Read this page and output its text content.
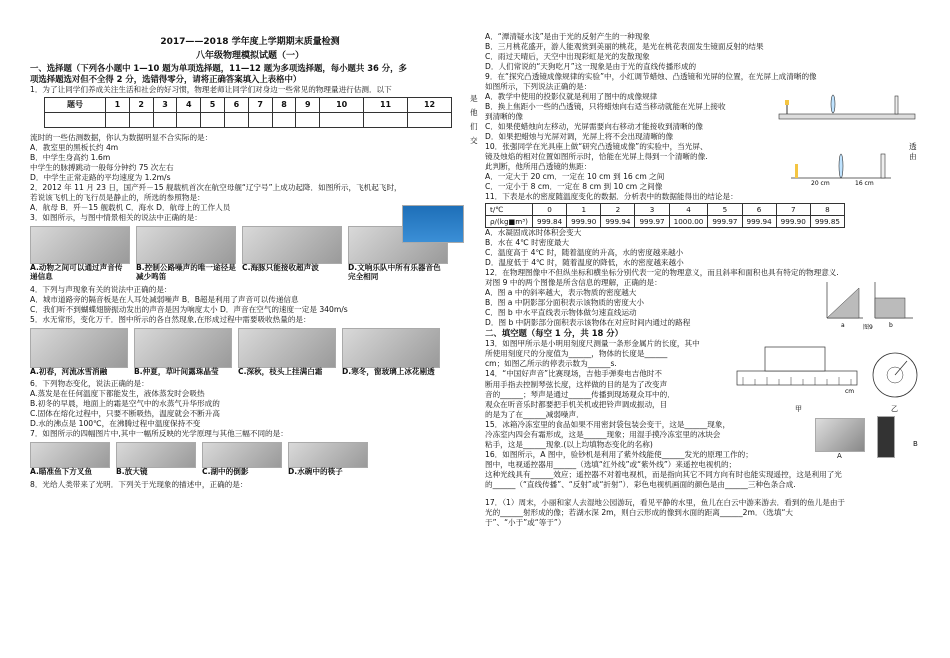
2017——2018 学年度上学期期末质量检测
八年级物理模拟试题（一）
一、选择题（下列各小题中 1—10 题为单项选择题，11—12 题为多项选择题，每小题共 36 分，多
项选择题选对但不全得 2 分，选错得零分，请将正确答案填入上表格中）
1．为了让同学们养成关注生活和社会的好习惯，物理老师让同学们对身边一些常见的物理量进行估测．以下
题号	1	2	3	4	5	6	7	8	9	10	11	12

流时的一些估测数据，你认为数据明显不合实际的是：
A．教室里的黑板长约 4m
B．中学生身高约 1.6m
中学生的脉搏跳动一般每分钟约 75 次左右
D．中学生正常走路的平均速度为 1.2m/s
2．2012 年 11 月 23 日，国产歼－15 舰载机首次在航空母舰“辽宁号”上成功起降．如图所示，飞机起飞时，
若说该飞机上的飞行员是静止的，所选的参照物是：
A．航母 B．歼－15 舰载机 C．海水 D．航母上的工作人员
3．如图所示，与图中情景相关的说法中正确的是：
A.动物之间可以通过声音传递信息
B.控制公路噪声的唯一途径是减少鸣笛
C.海豚只能接收超声波	D.文响乐队中所有乐器音色完全相同
4．下列与声现象有关的说法中正确的是：
A．城市道路旁的隔音板是在人耳处减弱噪声 B．B超是利用了声音可以传递信息
C．我们听不到蝴蝶翅膀振动发出的声音是因为响度太小 D．声音在空气的速度一定是 340m/s
5．水无常形，变化万千．图中所示的各自然现象,在形成过程中需要吸收热量的是：
A.初春，河流冰雪消融	B.仲夏，草叶间露珠晶莹	C.深秋，枝头上挂满白霜	D.寒冬，窗玻璃上冰花剔透
6．下列物态变化，说法正确的是：
A.蒸发是在任何温度下都能发生，液体蒸发时会吸热
B.初冬的早晨，地面上的霜是空气中的水蒸气升华形成的
C.固体在熔化过程中，只要不断吸热，温度就会不断升高
D.水的沸点是 100℃，在沸腾过程中温度保持不变
7．如图所示的四幅图片中,其中一幅所反映的光学原理与其他三幅不同的是：
A.瞄准鱼下方叉鱼	B.放大镜	C.湖中的倒影	D.水碗中的筷子
8．光给人类带来了光明．下列关于光现象的描述中，正确的是：
是
他
们
交
A．“潭清疑水浅”是由于光的反射产生的一种现象
B．三月桃花盛开，游人能观赏到美丽的桃花，是光在桃花表面发生镜面反射的结果
C．雨过天晴后，天空中出现彩虹是光的发散现象
D．人们常说的“天狗吃月”这一现象是由于光的直线传播形成的
9．在“探究凸透镜成像规律的实验”中，小红调节蜡烛、凸透镜和光屏的位置，在光屏上成清晰的像
如图所示，下列说法正确的是：
A．教学中使用的投影仪就是利用了图中的成像规律
B．换上焦距小一些的凸透镜，只将蜡烛向右适当移动就能在光屏上接收
到清晰的像
C．如果使蜡烛向左移动，光屏需要向右移动才能接收到清晰的像
D．如果把蜡烛与光屏对调，光屏上将不会出现清晰的像
10．张强同学在光具座上做“研究凸透镜成像”的实验中，当光屏、
镜及烛焰的相对位置如图所示时，恰能在光屏上得到一个清晰的像.
此判断，他所用凸透镜的焦距：
A．一定大于 20 cm．一定在 10 cm 到 16 cm 之间
C．一定小于 8 cm．一定在 8 cm 到 10 cm 之间像
11．下表是水的密度随温度变化的数据．分析表中的数据能得出的结论是：
透由
20 cm	16 cm
t/℃	0	1	2	3	4	5	6	7	8
ρ/(kg■m³)	999.84	999.90	999.94	999.97	1000.00	999.97	999.94	999.90	999.85
A．水凝固成冰时体积会变大
B．水在 4℃ 时密度最大
C．温度高于 4℃ 时，随着温度的升高，水的密度越来越小
D．温度低于 4℃ 时，随着温度的降低，水的密度越来越小
12．在物理图像中不但纵坐标和横坐标分别代表一定的物理意义，而且斜率和面积也具有特定的物理意义.
对图 9 中的两个图像是所含信息的理解，正确的是：
A．图 a 中的斜率越大，表示物质的密度越大
B．图 a 中阴影部分面积表示该物质的密度大小
C．图 b 中水平直线表示物体做匀速直线运动
D．图 b 中阴影部分面积表示该物体在对应时间内通过的路程	a	b
图9
二、填空题（每空 1 分，共 18 分）
13．如图甲所示是小明用刻度尺测量一条形金属片的长度，其中
所使用刻度尺的分度值为______，物体的长度是______
cm；如图乙所示的停表示数为______s.
14．“中国好声音”比赛现场，吉他手弹奏电吉他时不
断用手指去控制琴弦长度，这样做的目的是为了改变声
音的______；琴声是通过______传播到现场观众耳中的．
观众在听音乐时都要把手机关机或把铃声调成振动，目
的是为了在______减弱噪声．
cm
甲	乙
15．冰箱冷冻室里的食品如果不用密封袋包装会变干，这是______现象，
冷冻室内四会有霜形成，这是______现象；用湿手摸冷冻室里的冰块会
粘手，这是______现象.(以上均填物态变化的名称)
16．如图所示，A 图中，验钞机是利用了紫外线能使______发光的原理工作的；
图中，电视遥控器用______（选填“红外线”或“紫外线”）来遥控电视机的；
这种光线具有______效应；遥控器不对着电视机，而是指向其它不同方向有时也能实现遥控，这是利用了光
的______（“直线传播”、“反射”或“折射”）．彩色电视机画面的颜色是由______三种色条合成.
A
B
17．（1）周末，小丽和家人去湿地公园游玩，看见平静的水里，鱼儿在白云中游来游去．看到的鱼儿是由于
光的______射形成的像；若湖水深 2m，则白云形成的像到水面的距离______2m．（选填“大
于”、“小于”或“等于”）
